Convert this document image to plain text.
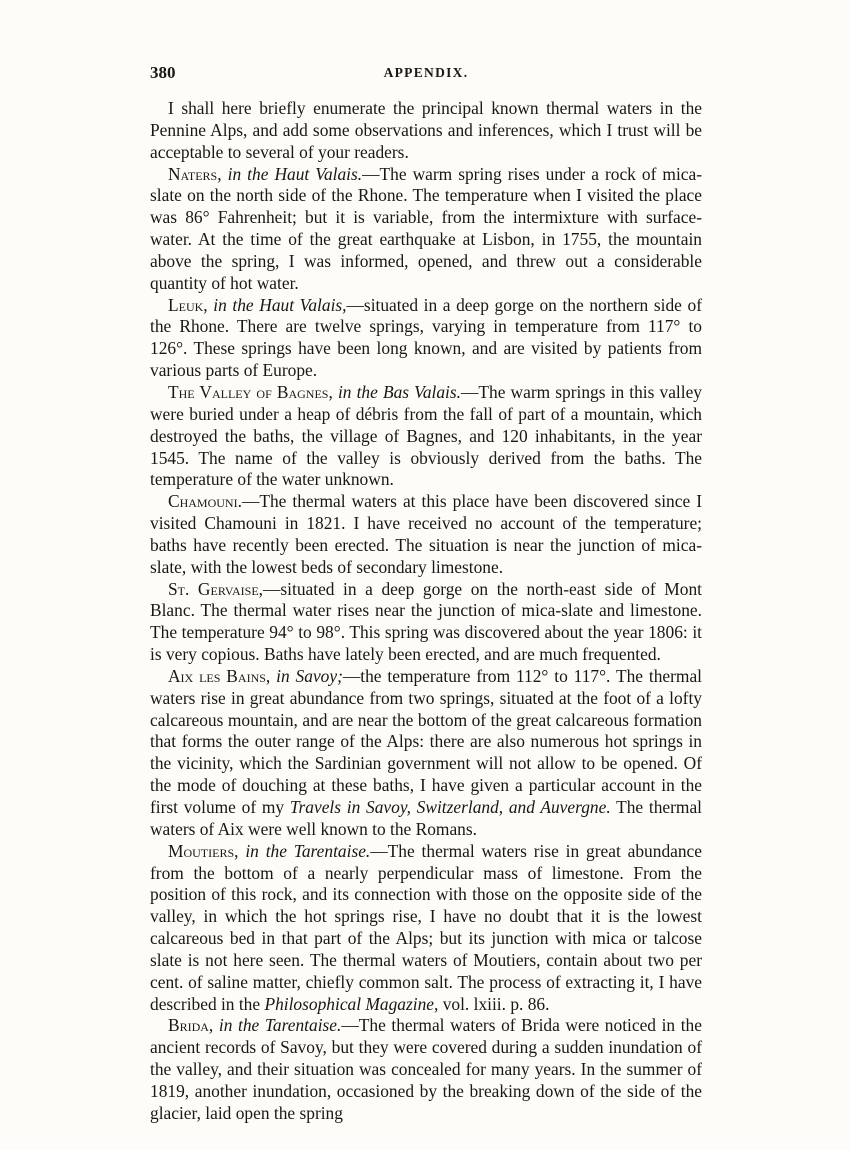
380	APPENDIX.

I shall here briefly enumerate the principal known thermal waters in the Pennine Alps, and add some observations and inferences, which I trust will be acceptable to several of your readers.

Naters, in the Haut Valais.—The warm spring rises under a rock of mica-slate on the north side of the Rhone. The temperature when I visited the place was 86° Fahrenheit; but it is variable, from the intermixture with surface-water. At the time of the great earthquake at Lisbon, in 1755, the mountain above the spring, I was informed, opened, and threw out a considerable quantity of hot water.

Leuk, in the Haut Valais,—situated in a deep gorge on the northern side of the Rhone. There are twelve springs, varying in temperature from 117° to 126°. These springs have been long known, and are visited by patients from various parts of Europe.

The Valley of Bagnes, in the Bas Valais.—The warm springs in this valley were buried under a heap of débris from the fall of part of a mountain, which destroyed the baths, the village of Bagnes, and 120 inhabitants, in the year 1545. The name of the valley is obviously derived from the baths. The temperature of the water unknown.

Chamouni.—The thermal waters at this place have been discovered since I visited Chamouni in 1821. I have received no account of the temperature; baths have recently been erected. The situation is near the junction of mica-slate, with the lowest beds of secondary limestone.

St. Gervaise,—situated in a deep gorge on the north-east side of Mont Blanc. The thermal water rises near the junction of mica-slate and limestone. The temperature 94° to 98°. This spring was discovered about the year 1806: it is very copious. Baths have lately been erected, and are much frequented.

Aix les Bains, in Savoy;—the temperature from 112° to 117°. The thermal waters rise in great abundance from two springs, situated at the foot of a lofty calcareous mountain, and are near the bottom of the great calcareous formation that forms the outer range of the Alps: there are also numerous hot springs in the vicinity, which the Sardinian government will not allow to be opened. Of the mode of douching at these baths, I have given a particular account in the first volume of my Travels in Savoy, Switzerland, and Auvergne. The thermal waters of Aix were well known to the Romans.

Moutiers, in the Tarentaise.—The thermal waters rise in great abundance from the bottom of a nearly perpendicular mass of limestone. From the position of this rock, and its connection with those on the opposite side of the valley, in which the hot springs rise, I have no doubt that it is the lowest calcareous bed in that part of the Alps; but its junction with mica or talcose slate is not here seen. The thermal waters of Moutiers, contain about two per cent. of saline matter, chiefly common salt. The process of extracting it, I have described in the Philosophical Magazine, vol. lxiii. p. 86.

Brida, in the Tarentaise.—The thermal waters of Brida were noticed in the ancient records of Savoy, but they were covered during a sudden inundation of the valley, and their situation was concealed for many years. In the summer of 1819, another inundation, occasioned by the breaking down of the side of the glacier, laid open the spring
